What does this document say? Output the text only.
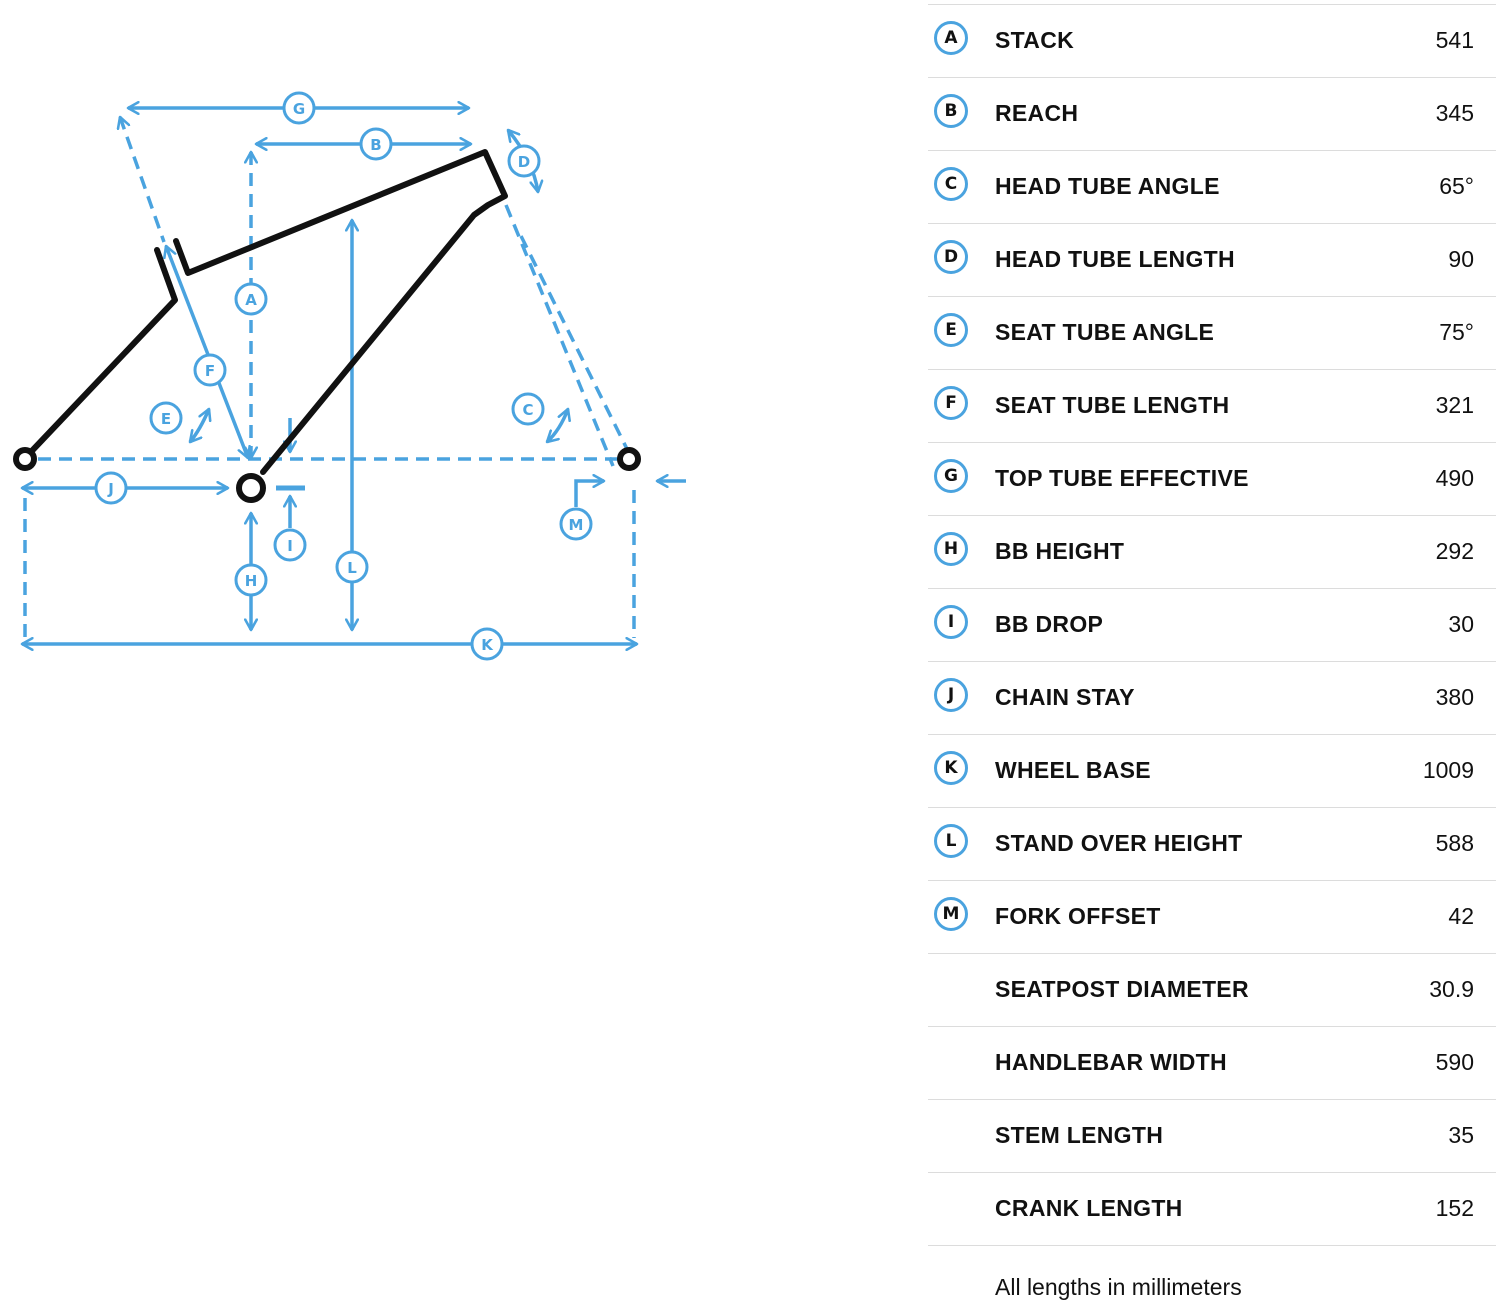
A
B
C
D
E
F
G
H
I
J
K
L
M
A	STACK	541
B	REACH	345
C	HEAD TUBE ANGLE	65°
D	HEAD TUBE LENGTH	90
E	SEAT TUBE ANGLE	75°
F	SEAT TUBE LENGTH	321
G	TOP TUBE EFFECTIVE	490
H	BB HEIGHT	292
I	BB DROP	30
J	CHAIN STAY	380
K	WHEEL BASE	1009
L	STAND OVER HEIGHT	588
M	FORK OFFSET	42
SEATPOST DIAMETER	30.9
HANDLEBAR WIDTH	590
STEM LENGTH	35
CRANK LENGTH	152
All lengths in millimeters
